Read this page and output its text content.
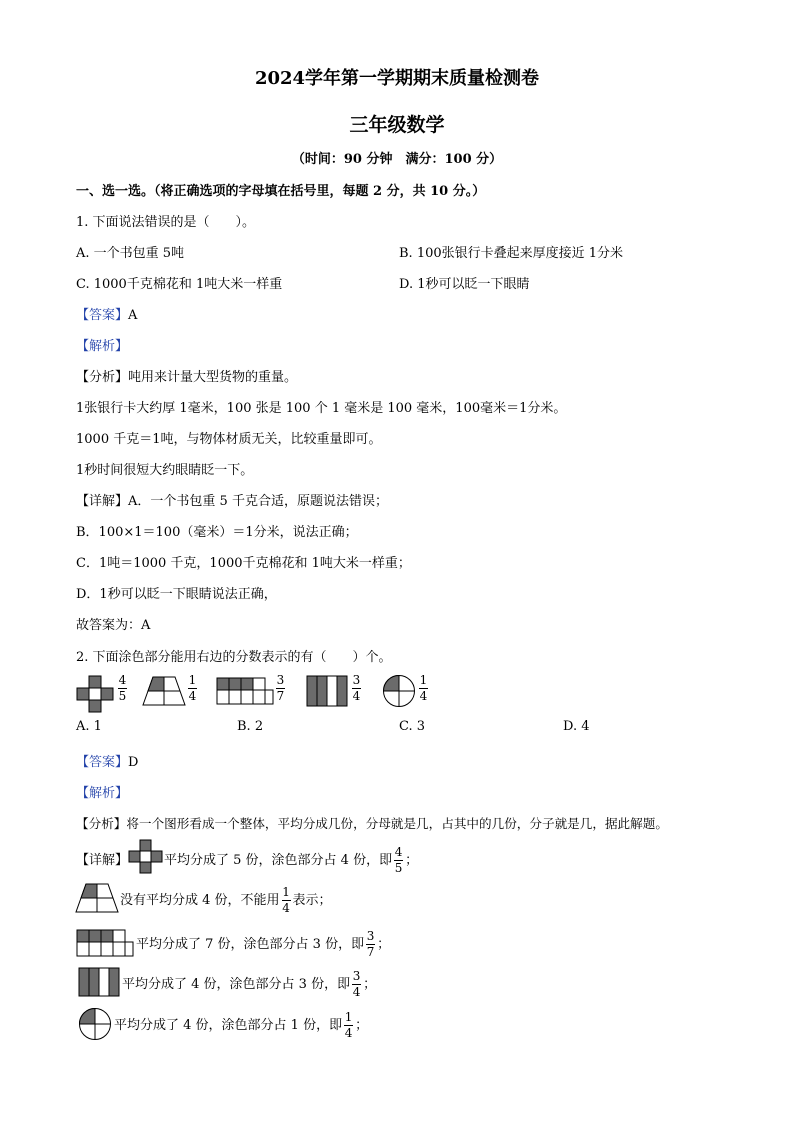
2024学年第一学期期末质量检测卷
三年级数学
（时间：90 分钟　满分：100 分）
一、选一选。（将正确选项的字母填在括号里，每题 2 分，共 10 分。）
1. 下面说法错误的是（　　）。
A. 一个书包重 5吨	B. 100张银行卡叠起来厚度接近 1分米
C. 1000千克棉花和 1吨大米一样重	D. 1秒可以眨一下眼睛
【答案】A
【解析】
【分析】吨用来计量大型货物的重量。
1张银行卡大约厚 1毫米，100 张是 100 个 1 毫米是 100 毫米，100毫米＝1分米。
1000 千克＝1吨，与物体材质无关，比较重量即可。
1秒时间很短大约眼睛眨一下。
【详解】A．一个书包重 5 千克合适，原题说法错误；
B．100×1＝100（毫米）＝1分米，说法正确；
C．1吨＝1000 千克，1000千克棉花和 1吨大米一样重；
D．1秒可以眨一下眼睛说法正确，
故答案为：A
2. 下面涂色部分能用右边的分数表示的有（　　）个。
$\frac{4}{5}$	$\frac{1}{4}$	$\frac{3}{7}$	$\frac{3}{4}$	$\frac{1}{4}$
A. 1	B. 2	C. 3	D. 4
【答案】D
【解析】
【分析】将一个图形看成一个整体，平均分成几份，分母就是几，占其中的几份，分子就是几，据此解题。
【详解】	平均分成了 5 份，涂色部分占 4 份，即 $\frac{4}{5}$ ；
没有平均分成 4 份，不能用 $\frac{1}{4}$ 表示；
平均分成了 7 份，涂色部分占 3 份，即 $\frac{3}{7}$ ；
平均分成了 4 份，涂色部分占 3 份，即 $\frac{3}{4}$ ；
平均分成了 4 份，涂色部分占 1 份，即 $\frac{1}{4}$ ；
